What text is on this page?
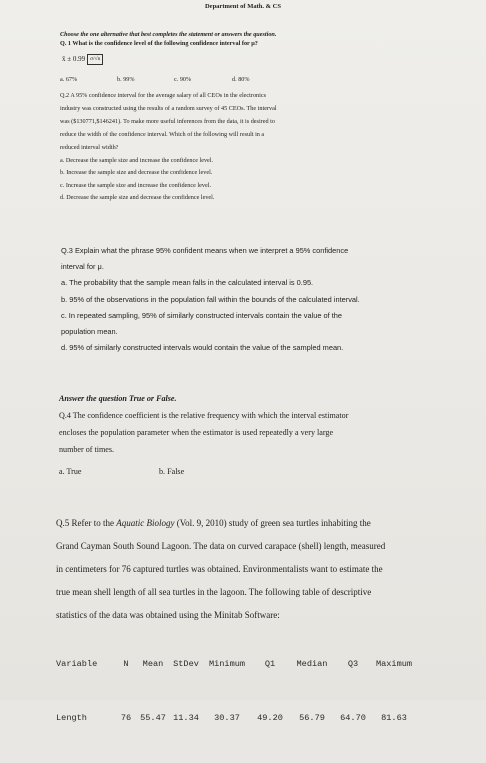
Department of Math. & CS
Choose the one alternative that best completes the statement or answers the question.
Q. 1 What is the confidence level of the following confidence interval for μ?
x̄ ± 0.99 σ/√n
a. 67%	b. 99%	c. 90%	d. 80%
Q.2 A 95% confidence interval for the average salary of all CEOs in the electronics
industry was constructed using the results of a random survey of 45 CEOs. The interval
was ($130771,$146241). To make more useful inferences from the data, it is desired to
reduce the width of the confidence interval. Which of the following will result in a
reduced interval width?
a. Decrease the sample size and increase the confidence level.
b. Increase the sample size and decrease the confidence level.
c. Increase the sample size and increase the confidence level.
d. Decrease the sample size and decrease the confidence level.
Q.3 Explain what the phrase 95% confident means when we interpret a 95% confidence
interval for μ.
a. The probability that the sample mean falls in the calculated interval is 0.95.
b. 95% of the observations in the population fall within the bounds of the calculated interval.
c. In repeated sampling, 95% of similarly constructed intervals contain the value of the
population mean.
d. 95% of similarly constructed intervals would contain the value of the sampled mean.
Answer the question True or False.
Q.4 The confidence coefficient is the relative frequency with which the interval estimator
encloses the population parameter when the estimator is used repeatedly a very large
number of times.
a. True	b. False
Q.5 Refer to the Aquatic Biology (Vol. 9, 2010) study of green sea turtles inhabiting the
Grand Cayman South Sound Lagoon. The data on curved carapace (shell) length, measured
in centimeters for 76 captured turtles was obtained. Environmentalists want to estimate the
true mean shell length of all sea turtles in the lagoon. The following table of descriptive
statistics of the data was obtained using the Minitab Software:

Variable	N	Mean	StDev	Minimum	Q1	Median	Q3	Maximum

Length	76	55.47 11.34	30.37	49.20	56.79	64.70	81.63
